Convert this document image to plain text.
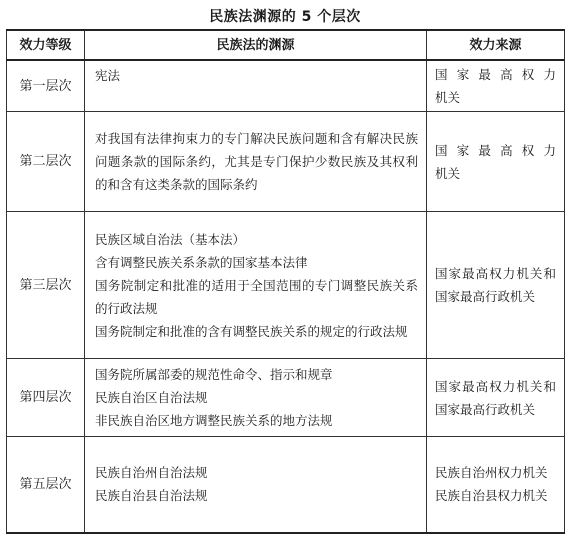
民族法渊源的 5 个层次
效力等级	民族法的渊源	效力来源
第一层次	宪法	国家最高权力
机关

第二层次	对我国有法律拘束力的专门解决民族问题和含有解决民族问题条款的国际条约，尤其是专门保护少数民族及其权利的和含有这类条款的国际条约	国家最高权力
机关

第三层次	民族区域自治法（基本法）
含有调整民族关系条款的国家基本法律
国务院制定和批准的适用于全国范围的专门调整民族关系的行政法规
国务院制定和批准的含有调整民族关系的规定的行政法规	国家最高权力机关和国家最高行政机关

第四层次	国务院所属部委的规范性命令、指示和规章
民族自治区自治法规
非民族自治区地方调整民族关系的地方法规	国家最高权力机关和国家最高行政机关

第五层次	民族自治州自治法规
民族自治县自治法规	民族自治州权力机关
民族自治县权力机关
